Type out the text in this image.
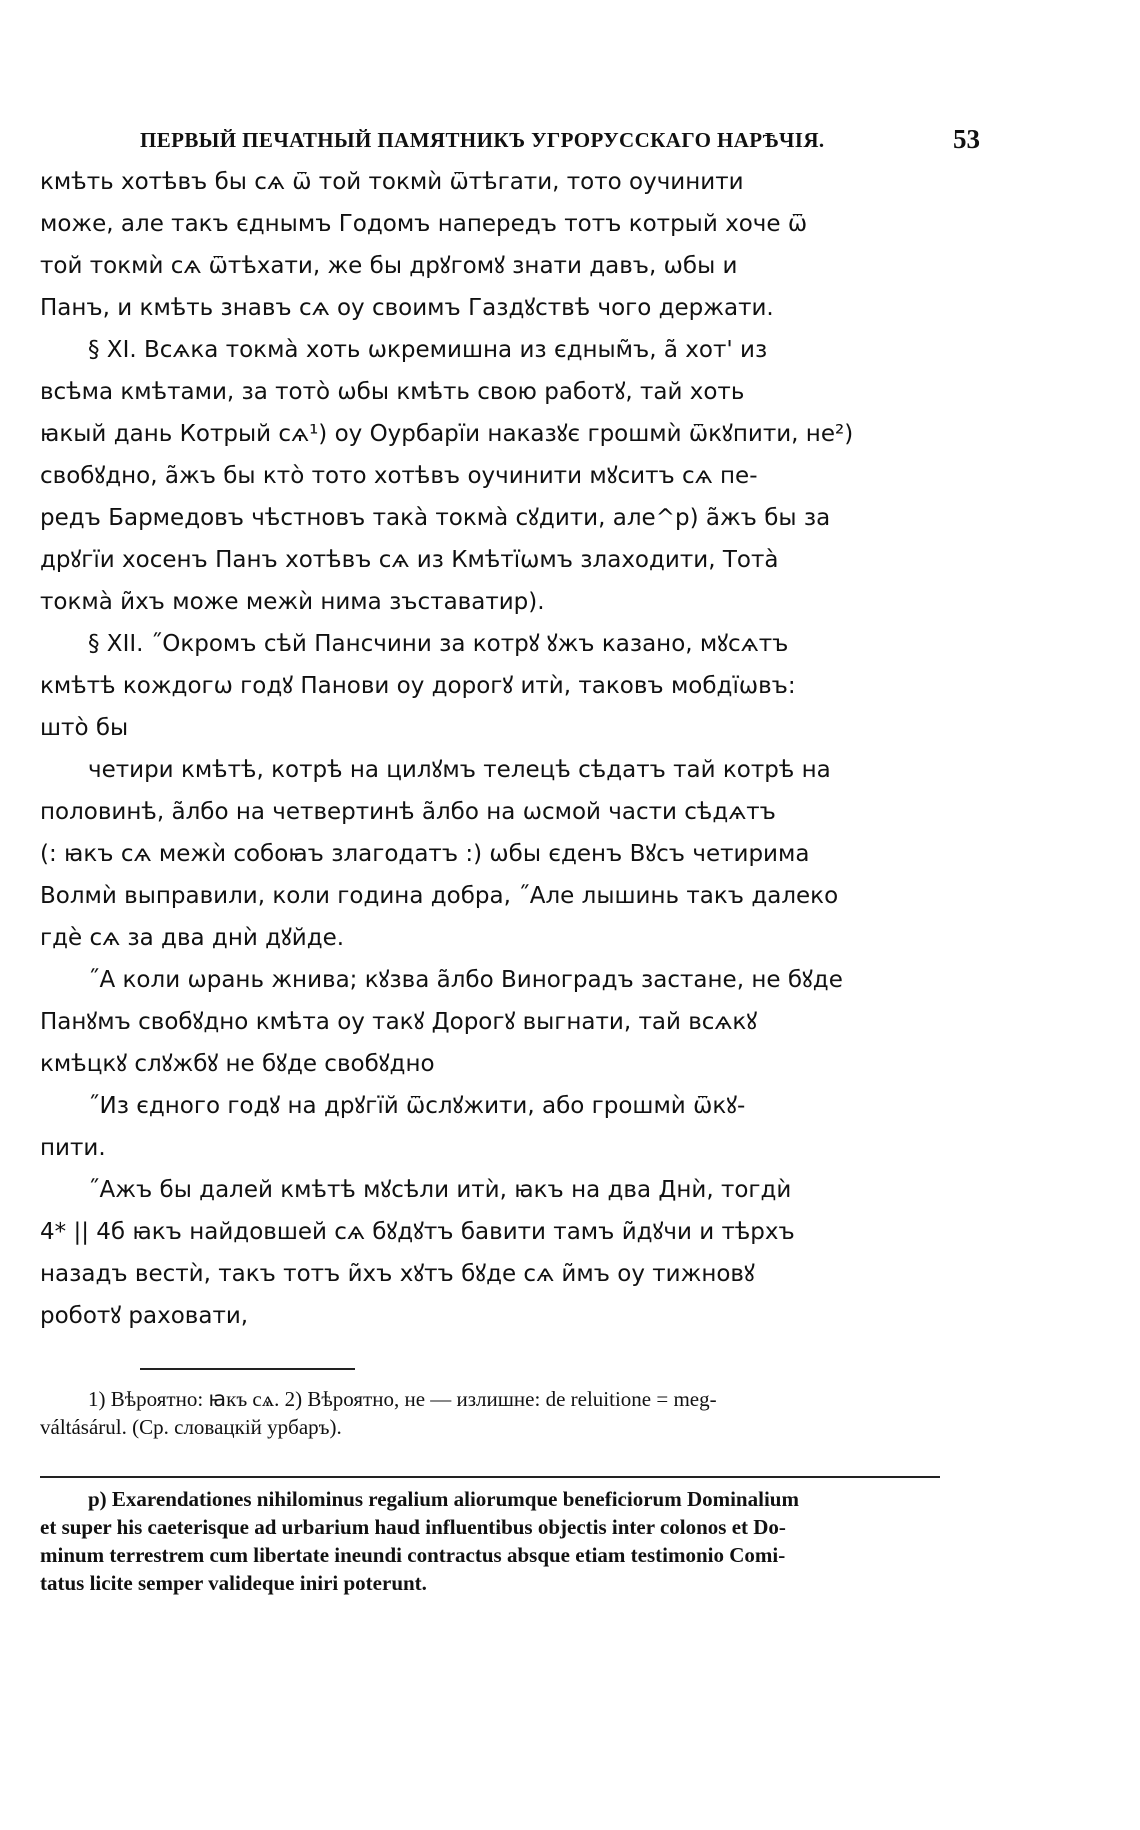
ПЕРВЫЙ ПЕЧАТНЫЙ ПАМЯТНИКЪ УГРОРУССКАГО НАРѢЧІЯ.	53
кмѣть хотѣвъ бы сѧ ѿ той токмѝ ѿтѣгати, тото оучинити
може, але такъ єднымъ Годомъ напередъ тотъ котрый хоче ѿ
той токмѝ сѧ ѿтѣхати, же бы дрꙋгомꙋ знати давъ, ѡбы и
Панъ, и кмѣть знавъ сѧ оу своимъ Газдꙋствѣ чого держати.
§ XI. Всѧка токмà хоть ѡкремишна из єдным̃ъ, а̃ хот' из
всѣма кмѣтами, за тотò ѡбы кмѣть свою работꙋ, тай хоть
ꙗкый дань Котрый сѧ¹) оу Оурбарїи наказꙋє грошмѝ ѿкꙋпити, не²)
свобꙋдно, а̃жъ бы ктò тото хотѣвъ оучинити мꙋситъ сѧ пе-
редъ Бармедовъ чѣстновъ такà токмà сꙋдити, але^р) а̃жъ бы за
дрꙋгїи хосенъ Панъ хотѣвъ сѧ из Кмѣтїωмъ злахoдити, Тотà
токмà и̃хъ може межѝ нима зъставатир).
§ XII. ˝Окромъ сѣй Пансчини за котрꙋ ꙋжъ казано, мꙋсѧтъ
кмѣтѣ кождогѡ годꙋ Панови оу дорогꙋ итѝ, таковъ мобдїωвъ:
штò бы
четири кмѣтѣ, котрѣ на цилꙋмъ телецѣ сѣдатъ тай котрѣ на
половинѣ, а̃лбо на четвертинѣ а̃лбо на ѡсмой части сѣдѧтъ
(: ꙗкъ сѧ межѝ собоꙗъ злагодатъ :) ѡбы єденъ Вꙋсъ четирима
Волмѝ выправили, коли година добра, ˝Але лышинь такъ далеко
гдѐ сѧ за два днѝ дꙋйде.
˝А коли ѡрань жнива; кꙋзва а̃лбо Виноградъ застане, не бꙋде
Панꙋмъ свобꙋдно кмѣта оу такꙋ Дорогꙋ выгнати, тай всѧкꙋ
кмѣцкꙋ слꙋжбꙋ не бꙋде свобꙋдно
˝Из єдного годꙋ на дрꙋгїй ѿслꙋжити, або грошмѝ ѿкꙋ-
пити.
˝Ажъ бы далей кмѣтѣ мꙋсѣли итѝ, ꙗкъ на два Днѝ, тогдѝ
4* || 4б ꙗкъ найдовшей сѧ бꙋдꙋтъ бавити тамъ и̃дꙋчи и тѣрхъ
назадъ вестѝ, такъ тотъ и̃хъ хꙋтъ бꙋде сѧ и̃мъ оу тижновꙋ
роботꙋ раховати,
1) Вѣроятно: ꙗкъ сѧ. 2) Вѣроятно, не — излишне: de reluitione = meg-
váltásárul. (Ср. словацкій урбаръ).
p) Exarendationes nihilominus regalium aliorumque beneficiorum Dominalium
et super his caeterisque ad urbarium haud influentibus objectis inter colonos et Do-
minum terrestrem cum libertate ineundi contractus absque etiam testimonio Comi-
tatus licite semper valideque iniri poterunt.
